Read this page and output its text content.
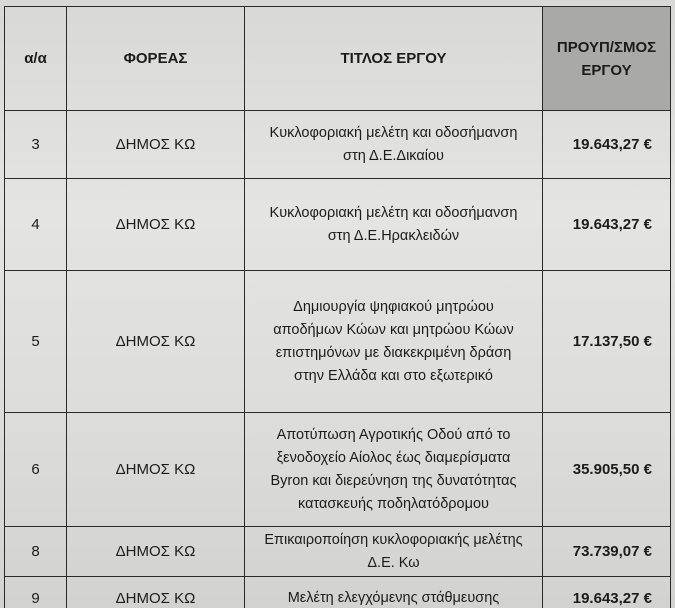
α/α	ΦΟΡΕΑΣ	ΤΙΤΛΟΣ ΕΡΓΟΥ	ΠΡΟΥΠ/ΣΜΟΣ
ΕΡΓΟΥ

3	ΔΗΜΟΣ ΚΩ	Κυκλοφοριακή μελέτη και οδοσήμανση
στη Δ.Ε.Δικαίου	19.643,27 €
4	ΔΗΜΟΣ ΚΩ	Κυκλοφοριακή μελέτη και οδοσήμανση
στη Δ.Ε.Ηρακλειδών	19.643,27 €
5	ΔΗΜΟΣ ΚΩ	Δημιουργία ψηφιακού μητρώου
αποδήμων Κώων και μητρώου Κώων
επιστημόνων με διακεκριμένη δράση
στην Ελλάδα και στο εξωτερικό	17.137,50 €
6	ΔΗΜΟΣ ΚΩ	Αποτύπωση Αγροτικής Οδού από το
ξενοδοχείο Αίολος έως διαμερίσματα
Byron και διερεύνηση της δυνατότητας
κατασκευής ποδηλατόδρομου	35.905,50 €
8	ΔΗΜΟΣ ΚΩ	Επικαιροποίηση κυκλοφοριακής μελέτης
Δ.Ε. Κω	73.739,07 €
9	ΔΗΜΟΣ ΚΩ	Μελέτη ελεγχόμενης στάθμευσης	19.643,27 €
